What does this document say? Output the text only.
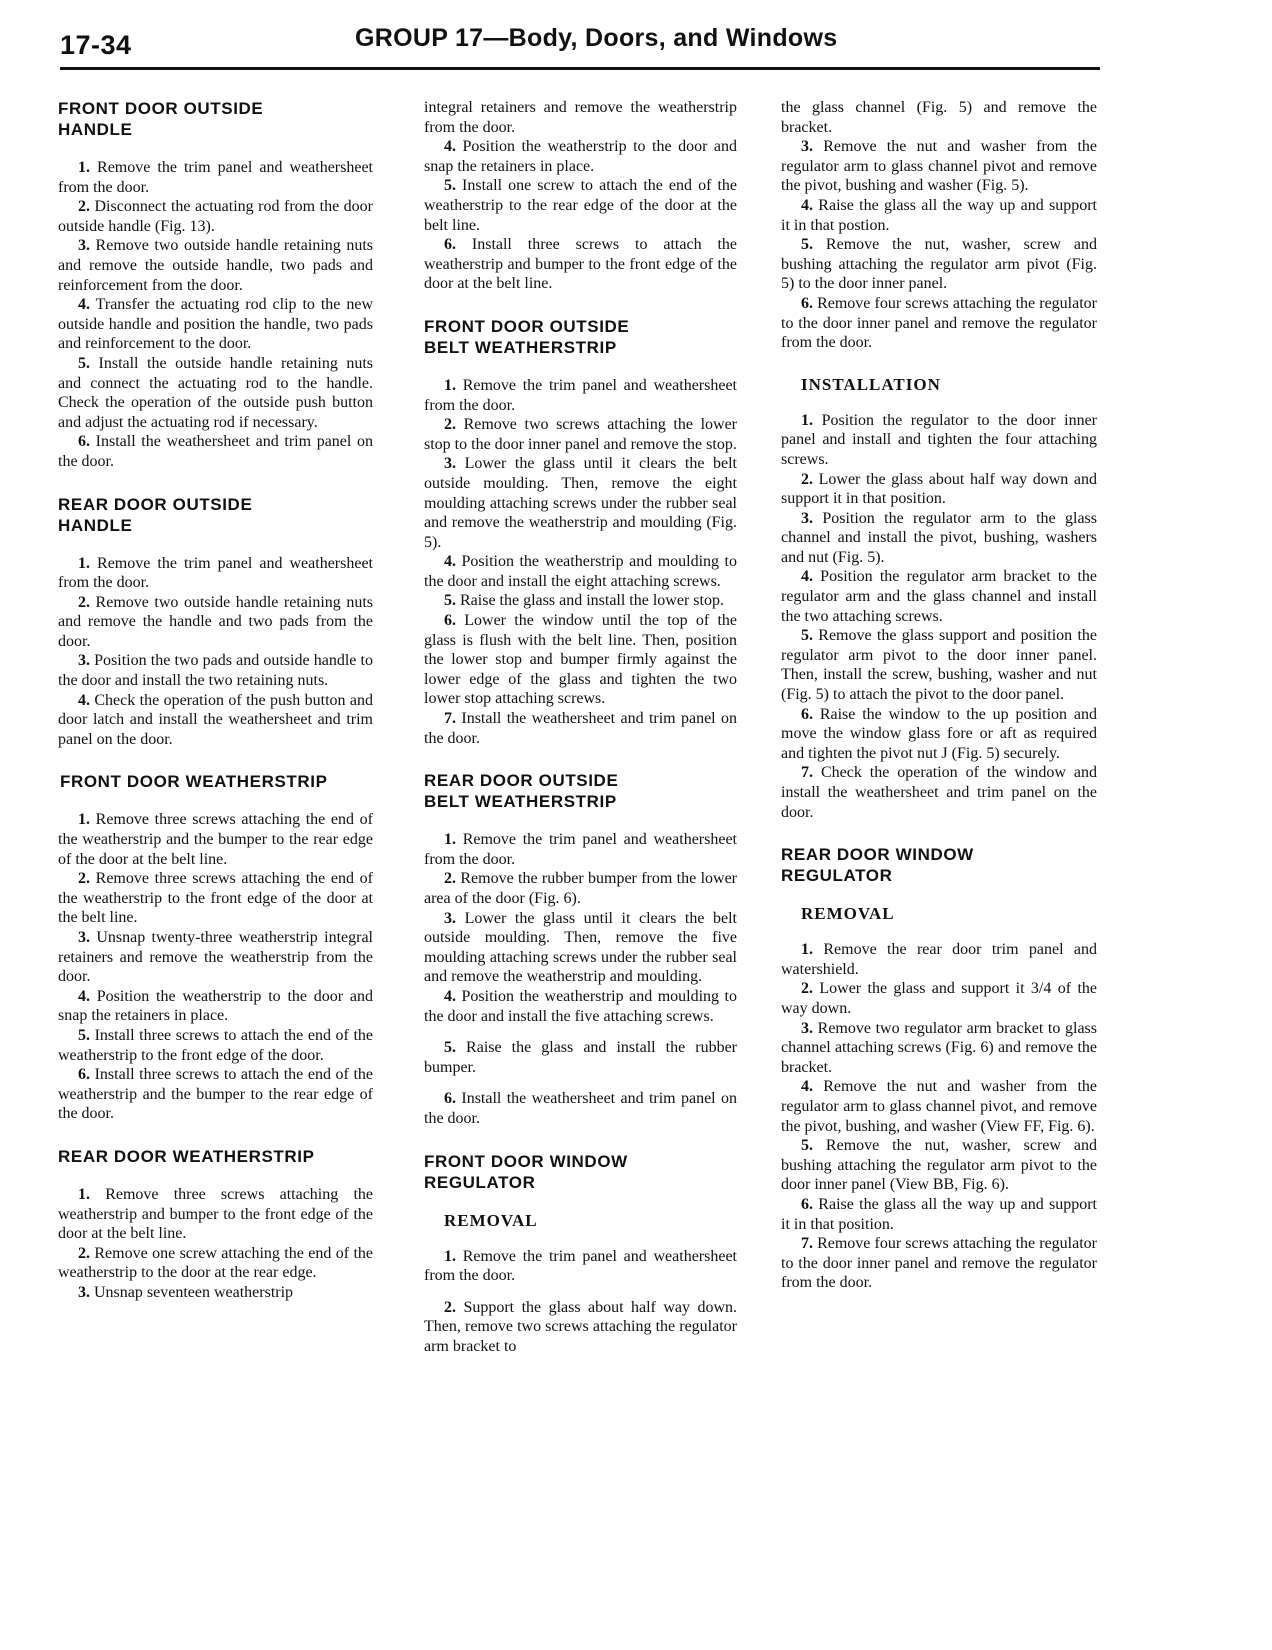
17-34	GROUP 17—Body, Doors, and Windows
FRONT DOOR OUTSIDE
HANDLE

1. Remove the trim panel and weathersheet from the door.

2. Disconnect the actuating rod from the door outside handle (Fig. 13).

3. Remove two outside handle retaining nuts and remove the outside handle, two pads and reinforcement from the door.

4. Transfer the actuating rod clip to the new outside handle and position the handle, two pads and reinforcement to the door.

5. Install the outside handle retaining nuts and connect the actuating rod to the handle. Check the operation of the outside push button and adjust the actuating rod if necessary.

6. Install the weathersheet and trim panel on the door.

REAR DOOR OUTSIDE
HANDLE

1. Remove the trim panel and weathersheet from the door.

2. Remove two outside handle retaining nuts and remove the handle and two pads from the door.

3. Position the two pads and outside handle to the door and install the two retaining nuts.

4. Check the operation of the push button and door latch and install the weathersheet and trim panel on the door.

FRONT DOOR WEATHERSTRIP

1. Remove three screws attaching the end of the weatherstrip and the bumper to the rear edge of the door at the belt line.

2. Remove three screws attaching the end of the weatherstrip to the front edge of the door at the belt line.

3. Unsnap twenty-three weatherstrip integral retainers and remove the weatherstrip from the door.

4. Position the weatherstrip to the door and snap the retainers in place.

5. Install three screws to attach the end of the weatherstrip to the front edge of the door.

6. Install three screws to attach the end of the weatherstrip and the bumper to the rear edge of the door.

REAR DOOR WEATHERSTRIP

1. Remove three screws attaching the weatherstrip and bumper to the front edge of the door at the belt line.

2. Remove one screw attaching the end of the weatherstrip to the door at the rear edge.

3. Unsnap seventeen weatherstrip

integral retainers and remove the weatherstrip from the door.

4. Position the weatherstrip to the door and snap the retainers in place.

5. Install one screw to attach the end of the weatherstrip to the rear edge of the door at the belt line.

6. Install three screws to attach the weatherstrip and bumper to the front edge of the door at the belt line.

FRONT DOOR OUTSIDE
BELT WEATHERSTRIP

1. Remove the trim panel and weathersheet from the door.

2. Remove two screws attaching the lower stop to the door inner panel and remove the stop.

3. Lower the glass until it clears the belt outside moulding. Then, remove the eight moulding attaching screws under the rubber seal and remove the weatherstrip and moulding (Fig. 5).

4. Position the weatherstrip and moulding to the door and install the eight attaching screws.

5. Raise the glass and install the lower stop.

6. Lower the window until the top of the glass is flush with the belt line. Then, position the lower stop and bumper firmly against the lower edge of the glass and tighten the two lower stop attaching screws.

7. Install the weathersheet and trim panel on the door.

REAR DOOR OUTSIDE
BELT WEATHERSTRIP

1. Remove the trim panel and weathersheet from the door.

2. Remove the rubber bumper from the lower area of the door (Fig. 6).

3. Lower the glass until it clears the belt outside moulding. Then, remove the five moulding attaching screws under the rubber seal and remove the weatherstrip and moulding.

4. Position the weatherstrip and moulding to the door and install the five attaching screws.

5. Raise the glass and install the rubber bumper.

6. Install the weathersheet and trim panel on the door.

FRONT DOOR WINDOW
REGULATOR
REMOVAL

1. Remove the trim panel and weathersheet from the door.

2. Support the glass about half way down. Then, remove two screws attaching the regulator arm bracket to

the glass channel (Fig. 5) and remove the bracket.

3. Remove the nut and washer from the regulator arm to glass channel pivot and remove the pivot, bushing and washer (Fig. 5).

4. Raise the glass all the way up and support it in that postion.

5. Remove the nut, washer, screw and bushing attaching the regulator arm pivot (Fig. 5) to the door inner panel.

6. Remove four screws attaching the regulator to the door inner panel and remove the regulator from the door.

INSTALLATION

1. Position the regulator to the door inner panel and install and tighten the four attaching screws.

2. Lower the glass about half way down and support it in that position.

3. Position the regulator arm to the glass channel and install the pivot, bushing, washers and nut (Fig. 5).

4. Position the regulator arm bracket to the regulator arm and the glass channel and install the two attaching screws.

5. Remove the glass support and position the regulator arm pivot to the door inner panel. Then, install the screw, bushing, washer and nut (Fig. 5) to attach the pivot to the door panel.

6. Raise the window to the up position and move the window glass fore or aft as required and tighten the pivot nut J (Fig. 5) securely.

7. Check the operation of the window and install the weathersheet and trim panel on the door.

REAR DOOR WINDOW
REGULATOR
REMOVAL

1. Remove the rear door trim panel and watershield.

2. Lower the glass and support it 3/4 of the way down.

3. Remove two regulator arm bracket to glass channel attaching screws (Fig. 6) and remove the bracket.

4. Remove the nut and washer from the regulator arm to glass channel pivot, and remove the pivot, bushing, and washer (View FF, Fig. 6).

5. Remove the nut, washer, screw and bushing attaching the regulator arm pivot to the door inner panel (View BB, Fig. 6).

6. Raise the glass all the way up and support it in that position.

7. Remove four screws attaching the regulator to the door inner panel and remove the regulator from the door.
